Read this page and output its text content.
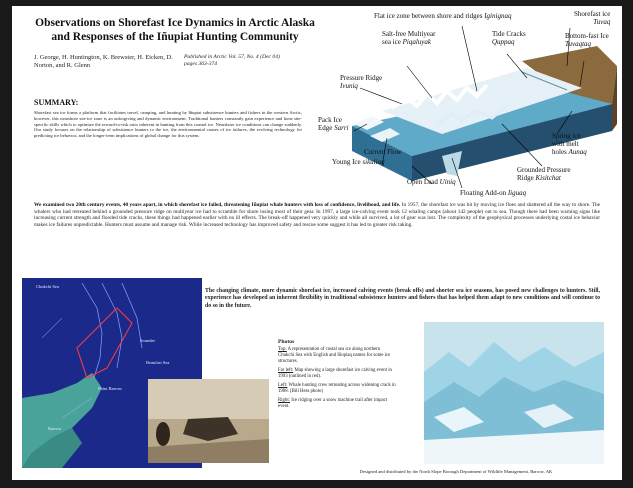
Observations on Shorefast Ice Dynamics in Arctic Alaska
and Responses of the Iñupiat Hunting Community
J. George, H. Huntington, K. Brewster, H. Eicken, D. Norton, and R. Glenn
Published in Arctic Vol. 57, No. 4 (Dec 04)
pages 363-374
SUMMARY:
Shorefast sea ice forms a platform that facilitates travel, camping, and hunting by Iñupiat subsistence hunters and fishers in the western Arctic, however, this nearshore sea-ice zone is an unforgiving and dynamic environment. Traditional hunters constantly gain experience and hone site-specific skills which to optimize the reward-to-risk ratio inherent in hunting from this coastal ice. Nearshore ice conditions can change suddenly. Our study focuses on the relationship of subsistence hunters to the ice, the environmental causes of ice failures, the evolving technology for predicting ice behavior, and the longer-term implications of global change for this system.
Flat ice zone between shore and ridges Iginignaq	Shorefast ice
Tuvaq
Salt-free Multiyear
sea ice Piqaluyak
Tide Cracks
Quppaq
Bottom-fast Ice
Tuvaqtaq
Pressure Ridge
Ivuniq
Pack Ice
Edge Sarri
Current Flow
Young Ice sikuliaq
Open Lead Uiniq
Floating Add-on Iiguaq
Grounded Pressure
Ridge Kisitchat
Spring ice
with melt
holes Aunaq
We examined two 20th century events, 40 years apart, in which shorefast ice failed, threatening Iñupiat whale hunters with loss of confidence, livelihood, and life. In 1957, the shorefast ice was hit by moving ice floes and shattered all the way to shore. The whalers who had retreated behind a grounded pressure ridge on multiyear ice had to scramble for shore losing most of their gear. In 1997, a large ice-calving event took 12 whaling camps (about 142 people) out to sea. Though there had been warning signs like increasing current strength and flooded tide cracks, these things had happened earlier with no ill effects. The break-off happened very quickly and while all survived, a lot of gear was lost. The complexity of the geophysical processes underlying costal ice behavior makes ice failures unpredictable. Hunters must assume and manage risk. While increased technology has improved safety and rescue some suggest it has led to greater risk taking.
Chukchi Sea
Sounder
Beaufort Sea
Point Barrow
Barrow
The changing climate, more dynamic shorefast ice, increased calving events (break offs) and shorter sea ice seasons, has posed new challenges to hunters. Still, experience has developed an inherent flexibility in traditional subsistence hunters and fishers that has helped them adapt to new conditions and will continue to do so in the future.
Photos

Top: A representation of costal sea ice along northern Chukchi Sea with English and Iñupiaq names for some ice structures.

Far left: Map showing a large shorefast ice calving event in 1993 (outlined in red).

Left: Whale hunting crew retreating across widening crack in 1988. (Bill Hess photo)

Right: Ice ridging over a snow machine trail after impact event.

Designed and distributed by the North Slope Borough Department of Wildlife Management, Barrow, AK
